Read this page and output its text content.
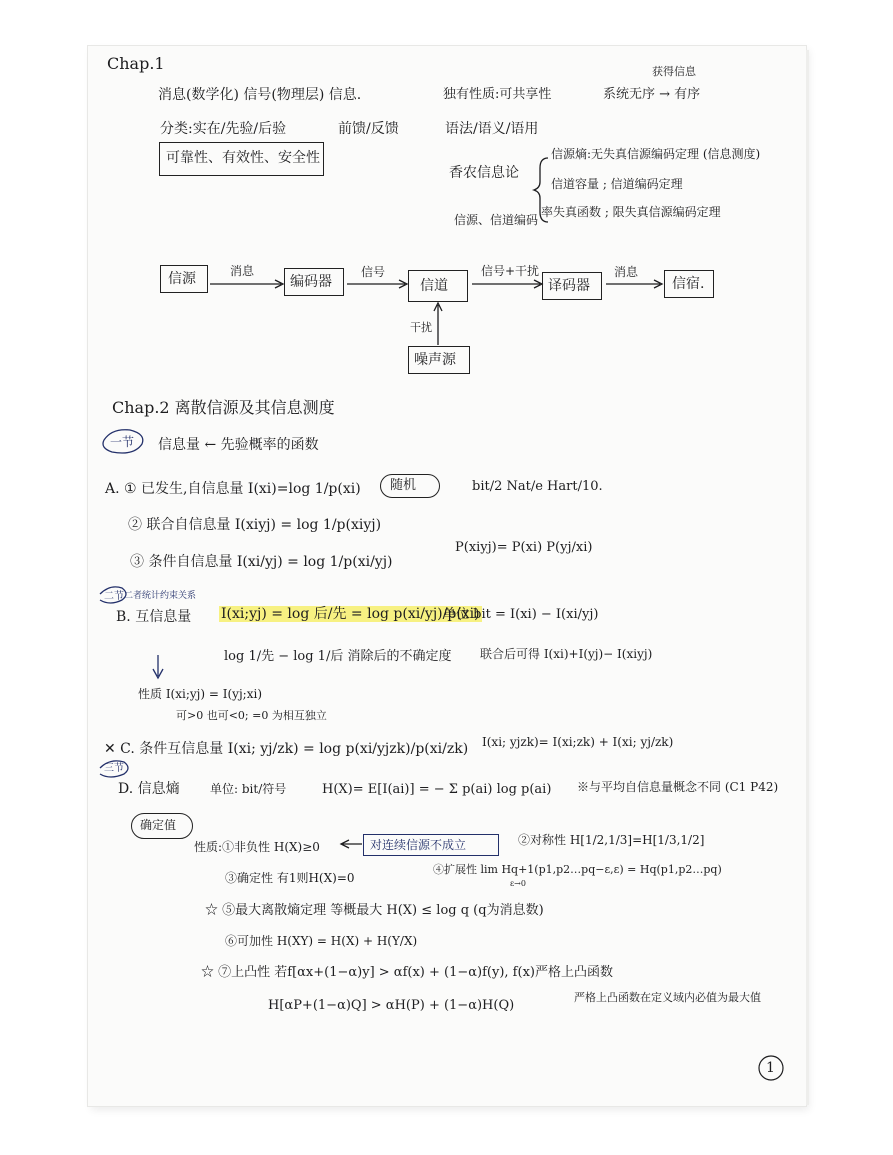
Chap.1
消息(数学化) 信号(物理层) 信息.	独有性质:可共享性	系统无序 → 有序
获得信息
分类:实在/先验/后验	前馈/反馈	语法/语义/语用
可靠性、有效性、安全性
香农信息论
信源熵:无失真信源编码定理 (信息测度)
信道容量 ; 信道编码定理
率失真函数 ; 限失真信源编码定理
信源、信道编码
信源	消息
编码器
信号
信道
信号+干扰
译码器
消息
信宿.
干扰
噪声源
Chap.2 离散信源及其信息测度
一节 信息量 ← 先验概率的函数
A. ① 已发生,自信息量 I(xi)=log 1/p(xi) 随机	bit/2 Nat/e Hart/10.
② 联合自信息量 I(xiyj) = log 1/p(xiyj)
③ 条件自信息量 I(xi/yj) = log 1/p(xi/yj)
P(xiyj)= P(xi) P(yj/xi)
二节 二者统计约束关系
B. 互信息量 I(xi;yj) = log 后/先 = log p(xi/yj)/p(xi)
单位 bit = I(xi) − I(xi/yj)
log 1/先 − log 1/后 消除后的不确定度 联合后可得 I(xi)+I(yj)− I(xiyj)
性质 I(xi;yj) = I(yj;xi)
可>0 也可<0; =0 为相互独立
✕ C. 条件互信息量 I(xi; yj/zk) = log p(xi/yjzk)/p(xi/zk) I(xi; yjzk)= I(xi;zk) + I(xi; yj/zk)
三节
D. 信息熵	单位: bit/符号	H(X)= E[I(ai)] = − Σ p(ai) log p(ai) ※与平均自信息量概念不同 (C1 P42)
确定值
性质:①非负性 H(X)≥0	对连续信源不成立	②对称性 H[1/2,1/3]=H[1/3,1/2]
③确定性 有1则H(X)=0
④扩展性 lim Hq+1(p1,p2…pq−ε,ε) = Hq(p1,p2…pq)
ε→0
☆ ⑤最大离散熵定理 等概最大 H(X) ≤ log q (q为消息数)
⑥可加性 H(XY) = H(X) + H(Y/X)
☆ ⑦上凸性 若f[αx+(1−α)y] > αf(x) + (1−α)f(y), f(x)严格上凸函数
H[αP+(1−α)Q] > αH(P) + (1−α)H(Q)
严格上凸函数在定义域内必值为最大值
1
